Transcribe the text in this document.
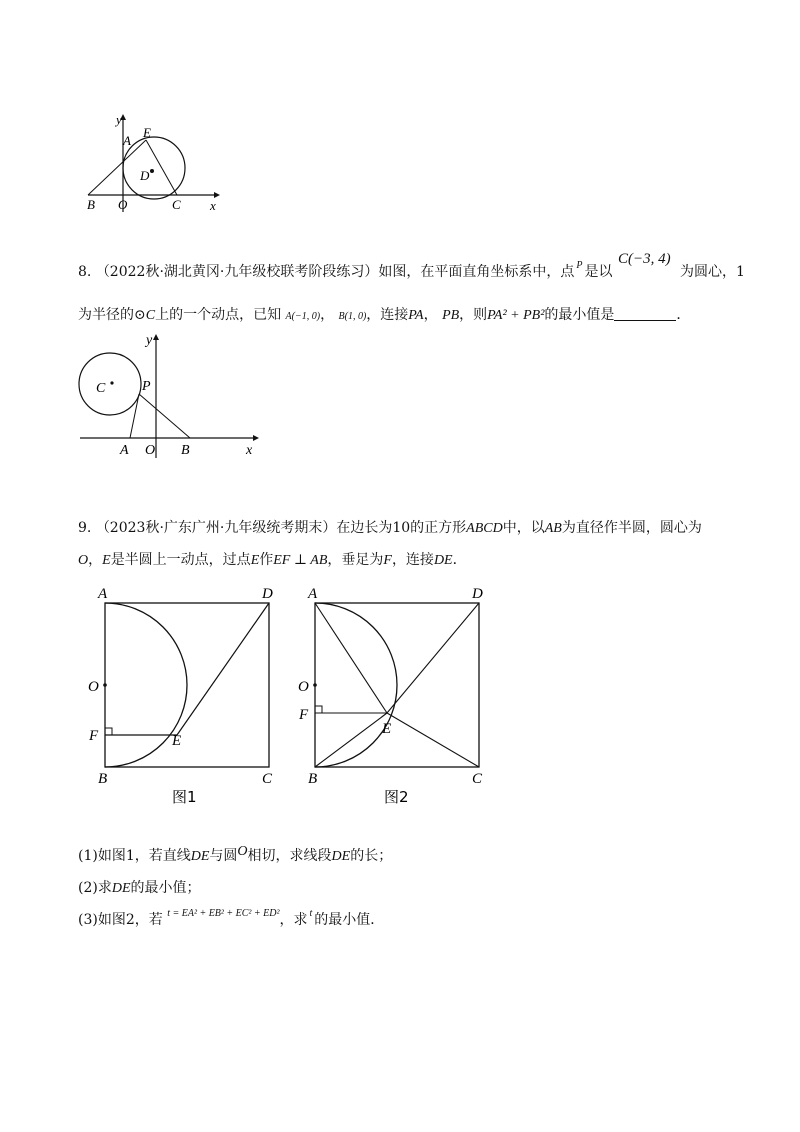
y
x
A
E
D
B O	C
8. （2022秋·湖北黄冈·九年级校联考阶段练习）如图，在平面直角坐标系中，点 $^P$ 是以
C(−3, 4)
为圆心，1
为半径的⊙C上的一个动点，已知 A(−1, 0)， B(1, 0)，连接PA， PB，则PA² + PB²的最小值是	．
y
x
C	P
A O B
9. （2023秋·广东广州·九年级统考期末）在边长为10的正方形ABCD中，以AB为直径作半圆，圆心为
O，E是半圆上一动点，过点E作EF ⊥ AB，垂足为F，连接DE．
A	D
O
F	E
B	C
图1
A	D
O
F
E
B	C
图2
(1)如图1，若直线DE与圆O相切，求线段DE的长；
(2)求DE的最小值；
(3)如图2，若 $^{t = EA^2 + EB^2 + EC^2 + ED^2}$，求 $^t$ 的最小值．
